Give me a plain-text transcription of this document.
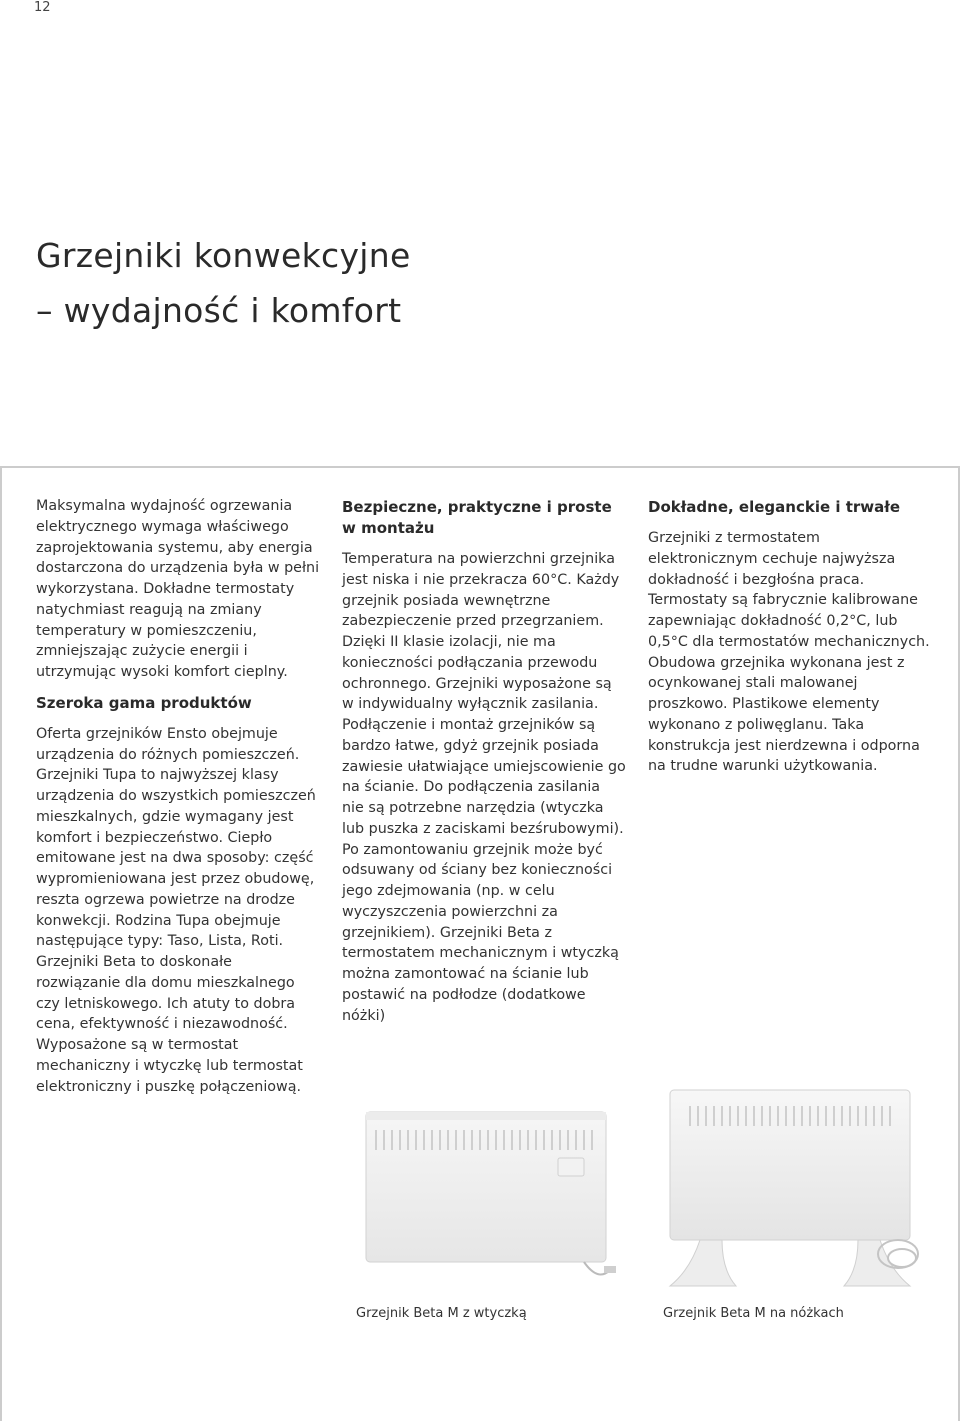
12
Grzejniki konwekcyjne
– wydajność i komfort

Maksymalna wydajność ogrzewania elektrycznego wymaga właściwego zaprojektowania systemu, aby energia dostarczona do urządzenia była w pełni wykorzystana. Dokładne termostaty natychmiast reagują na zmiany temperatury w pomieszczeniu, zmniejszając zużycie energii i utrzymując wysoki komfort cieplny.

Szeroka gama produktów

Oferta grzejników Ensto obejmuje urządzenia do różnych pomieszczeń. Grzejniki Tupa to najwyższej klasy urządzenia do wszystkich pomieszczeń mieszkalnych, gdzie wymagany jest komfort i bezpieczeństwo. Ciepło emitowane jest na dwa sposoby: część wypromieniowana jest przez obudowę, reszta ogrzewa powietrze na drodze konwekcji. Rodzina Tupa obejmuje następujące typy: Taso, Lista, Roti. Grzejniki Beta to doskonałe rozwiązanie dla domu mieszkalnego czy letniskowego. Ich atuty to dobra cena, efektywność i niezawodność. Wyposażone są w termostat mechaniczny i wtyczkę lub termostat elektroniczny i puszkę połączeniową.

Bezpieczne, praktyczne i proste w montażu

Temperatura na powierzchni grzejnika jest niska i nie przekracza 60°C. Każdy grzejnik posiada wewnętrzne zabezpieczenie przed przegrzaniem. Dzięki II klasie izolacji, nie ma konieczności podłączania przewodu ochronnego. Grzejniki wyposażone są w indywidualny wyłącznik zasilania. Podłączenie i montaż grzejników są bardzo łatwe, gdyż grzejnik posiada zawiesie ułatwiające umiejscowienie go na ścianie. Do podłączenia zasilania nie są potrzebne narzędzia (wtyczka lub puszka z zaciskami bezśrubowymi). Po zamontowaniu grzejnik może być odsuwany od ściany bez konieczności jego zdejmowania (np. w celu wyczyszczenia powierzchni za grzejnikiem). Grzejniki Beta z termostatem mechanicznym i wtyczką można zamontować na ścianie lub postawić na podłodze (dodatkowe nóżki)

Dokładne, eleganckie i trwałe

Grzejniki z termostatem elektronicznym cechuje najwyższa dokładność i bezgłośna praca. Termostaty są fabrycznie kalibrowane zapewniając dokładność 0,2°C, lub 0,5°C dla termostatów mechanicznych. Obudowa grzejnika wykonana jest z ocynkowanej stali malowanej proszkowo. Plastikowe elementy wykonano z poliwęglanu. Taka konstrukcja jest nierdzewna i odporna na trudne warunki użytkowania.

Grzejnik Beta M z wtyczką	Grzejnik Beta M na nóżkach
